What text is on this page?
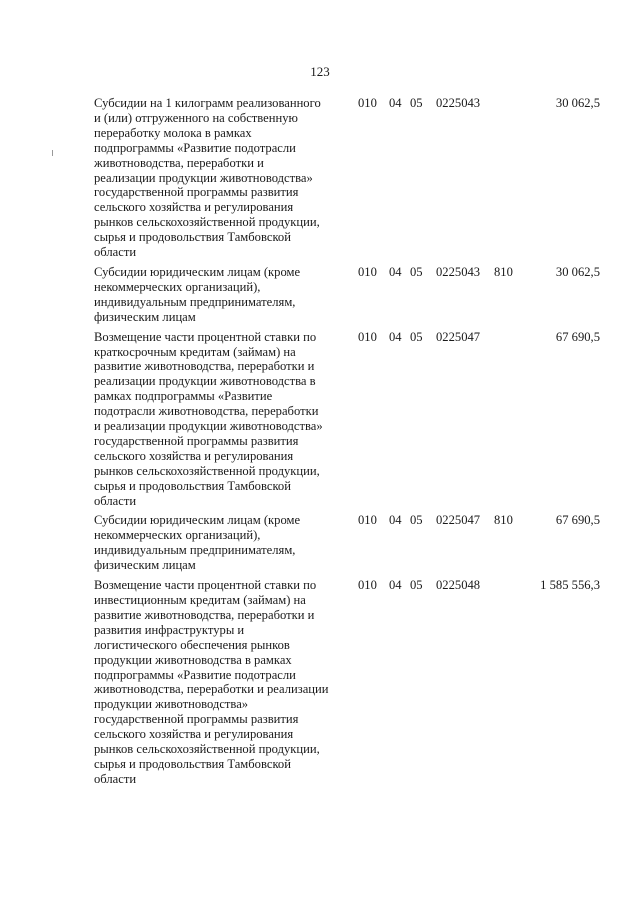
123
Субсидии на 1 килограмм реализованного
и (или) отгруженного на собственную
переработку молока в рамках
подпрограммы «Развитие подотрасли
животноводства, переработки и
реализации продукции животноводства»
государственной программы развития
сельского хозяйства и регулирования
рынков сельскохозяйственной продукции,
сырья и продовольствия Тамбовской
области
010 04 05 0225043	30 062,5
Субсидии юридическим лицам (кроме
некоммерческих организаций),
индивидуальным предпринимателям,
физическим лицам
010 04 05 0225043 810	30 062,5
Возмещение части процентной ставки по
краткосрочным кредитам (займам) на
развитие животноводства, переработки и
реализации продукции животноводства в
рамках подпрограммы «Развитие
подотрасли животноводства, переработки
и реализации продукции животноводства»
государственной программы развития
сельского хозяйства и регулирования
рынков сельскохозяйственной продукции,
сырья и продовольствия Тамбовской
области
010 04 05 0225047	67 690,5
Субсидии юридическим лицам (кроме
некоммерческих организаций),
индивидуальным предпринимателям,
физическим лицам
010 04 05 0225047 810	67 690,5
Возмещение части процентной ставки по
инвестиционным кредитам (займам) на
развитие животноводства, переработки и
развития инфраструктуры и
логистического обеспечения рынков
продукции животноводства в рамках
подпрограммы «Развитие подотрасли
животноводства, переработки и реализации
продукции животноводства»
государственной программы развития
сельского хозяйства и регулирования
рынков сельскохозяйственной продукции,
сырья и продовольствия Тамбовской
области
010 04 05 0225048	1 585 556,3
